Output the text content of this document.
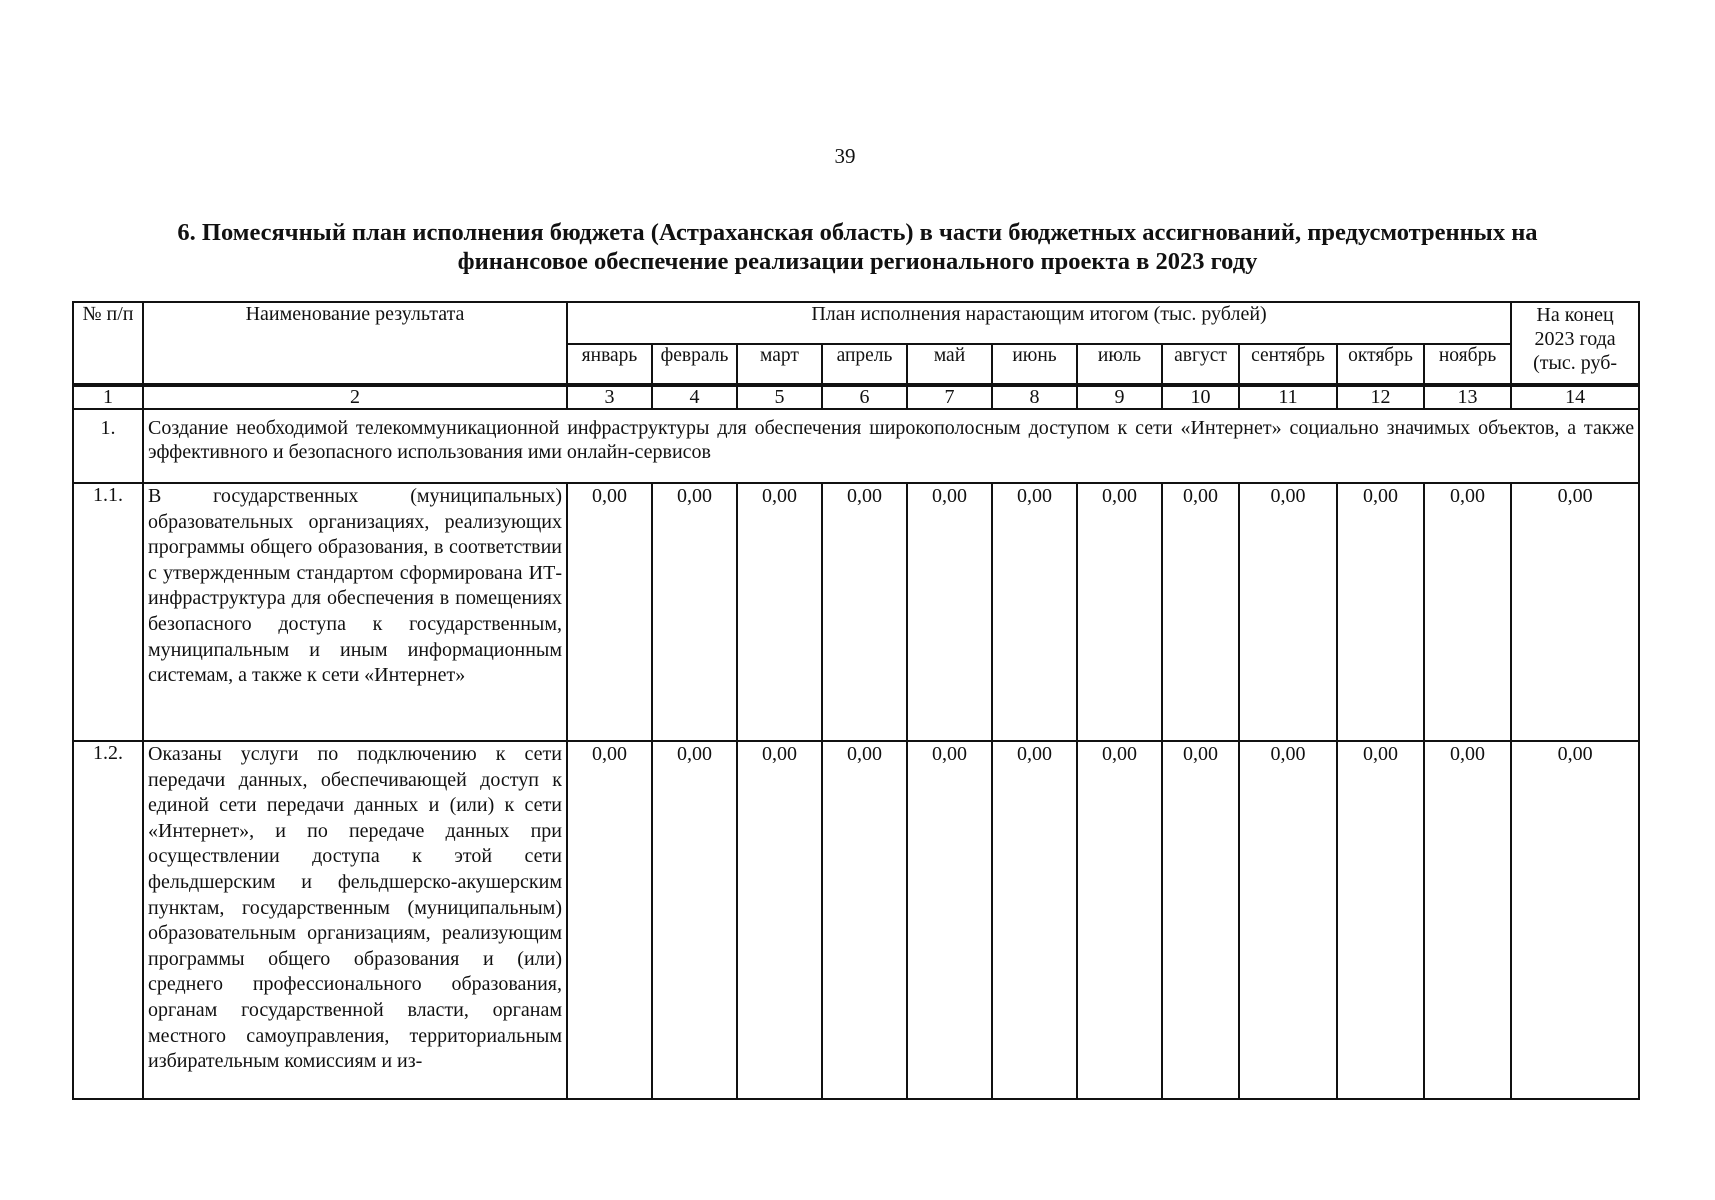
39
6. Помесячный план исполнения бюджета (Астраханская область) в части бюджетных ассигнований, предусмотренных на финансовое обеспечение реализации регионального проекта в 2023 году
№ п/п	Наименование результата	План исполнения нарастающим итогом (тыс. рублей)											На конец 2023 года (тыс. руб-
		январь	февраль	март	апрель	май	июнь	июль	август	сентябрь	октябрь	ноябрь	
1	2	3	4	5	6	7	8	9	10	11	12	13	14
1.	Создание необходимой телекоммуникационной инфраструктуры для обеспечения широкополосным доступом к сети «Интернет» социально значимых объектов, а также эффективного и безопасного использования ими онлайн-сервисов												
1.1.	В государственных (муниципальных) образовательных организациях, реализующих программы общего образования, в соответствии с утвержденным стандартом сформирована ИТ-инфраструктура для обеспечения в помещениях безопасного доступа к государственным, муниципальным и иным информационным системам, а также к сети «Интернет»	0,00	0,00	0,00	0,00	0,00	0,00	0,00	0,00	0,00	0,00	0,00	0,00
1.2.	Оказаны услуги по подключению к сети передачи данных, обеспечивающей доступ к единой сети передачи данных и (или) к сети «Интернет», и по передаче данных при осуществлении доступа к этой сети фельдшерским и фельдшерско-акушерским пунктам, государственным (муниципальным) образовательным организациям, реализующим программы общего образования и (или) среднего профессионального образования, органам государственной власти, органам местного самоуправления, территориальным избирательным комиссиям и из-	0,00	0,00	0,00	0,00	0,00	0,00	0,00	0,00	0,00	0,00	0,00	0,00
